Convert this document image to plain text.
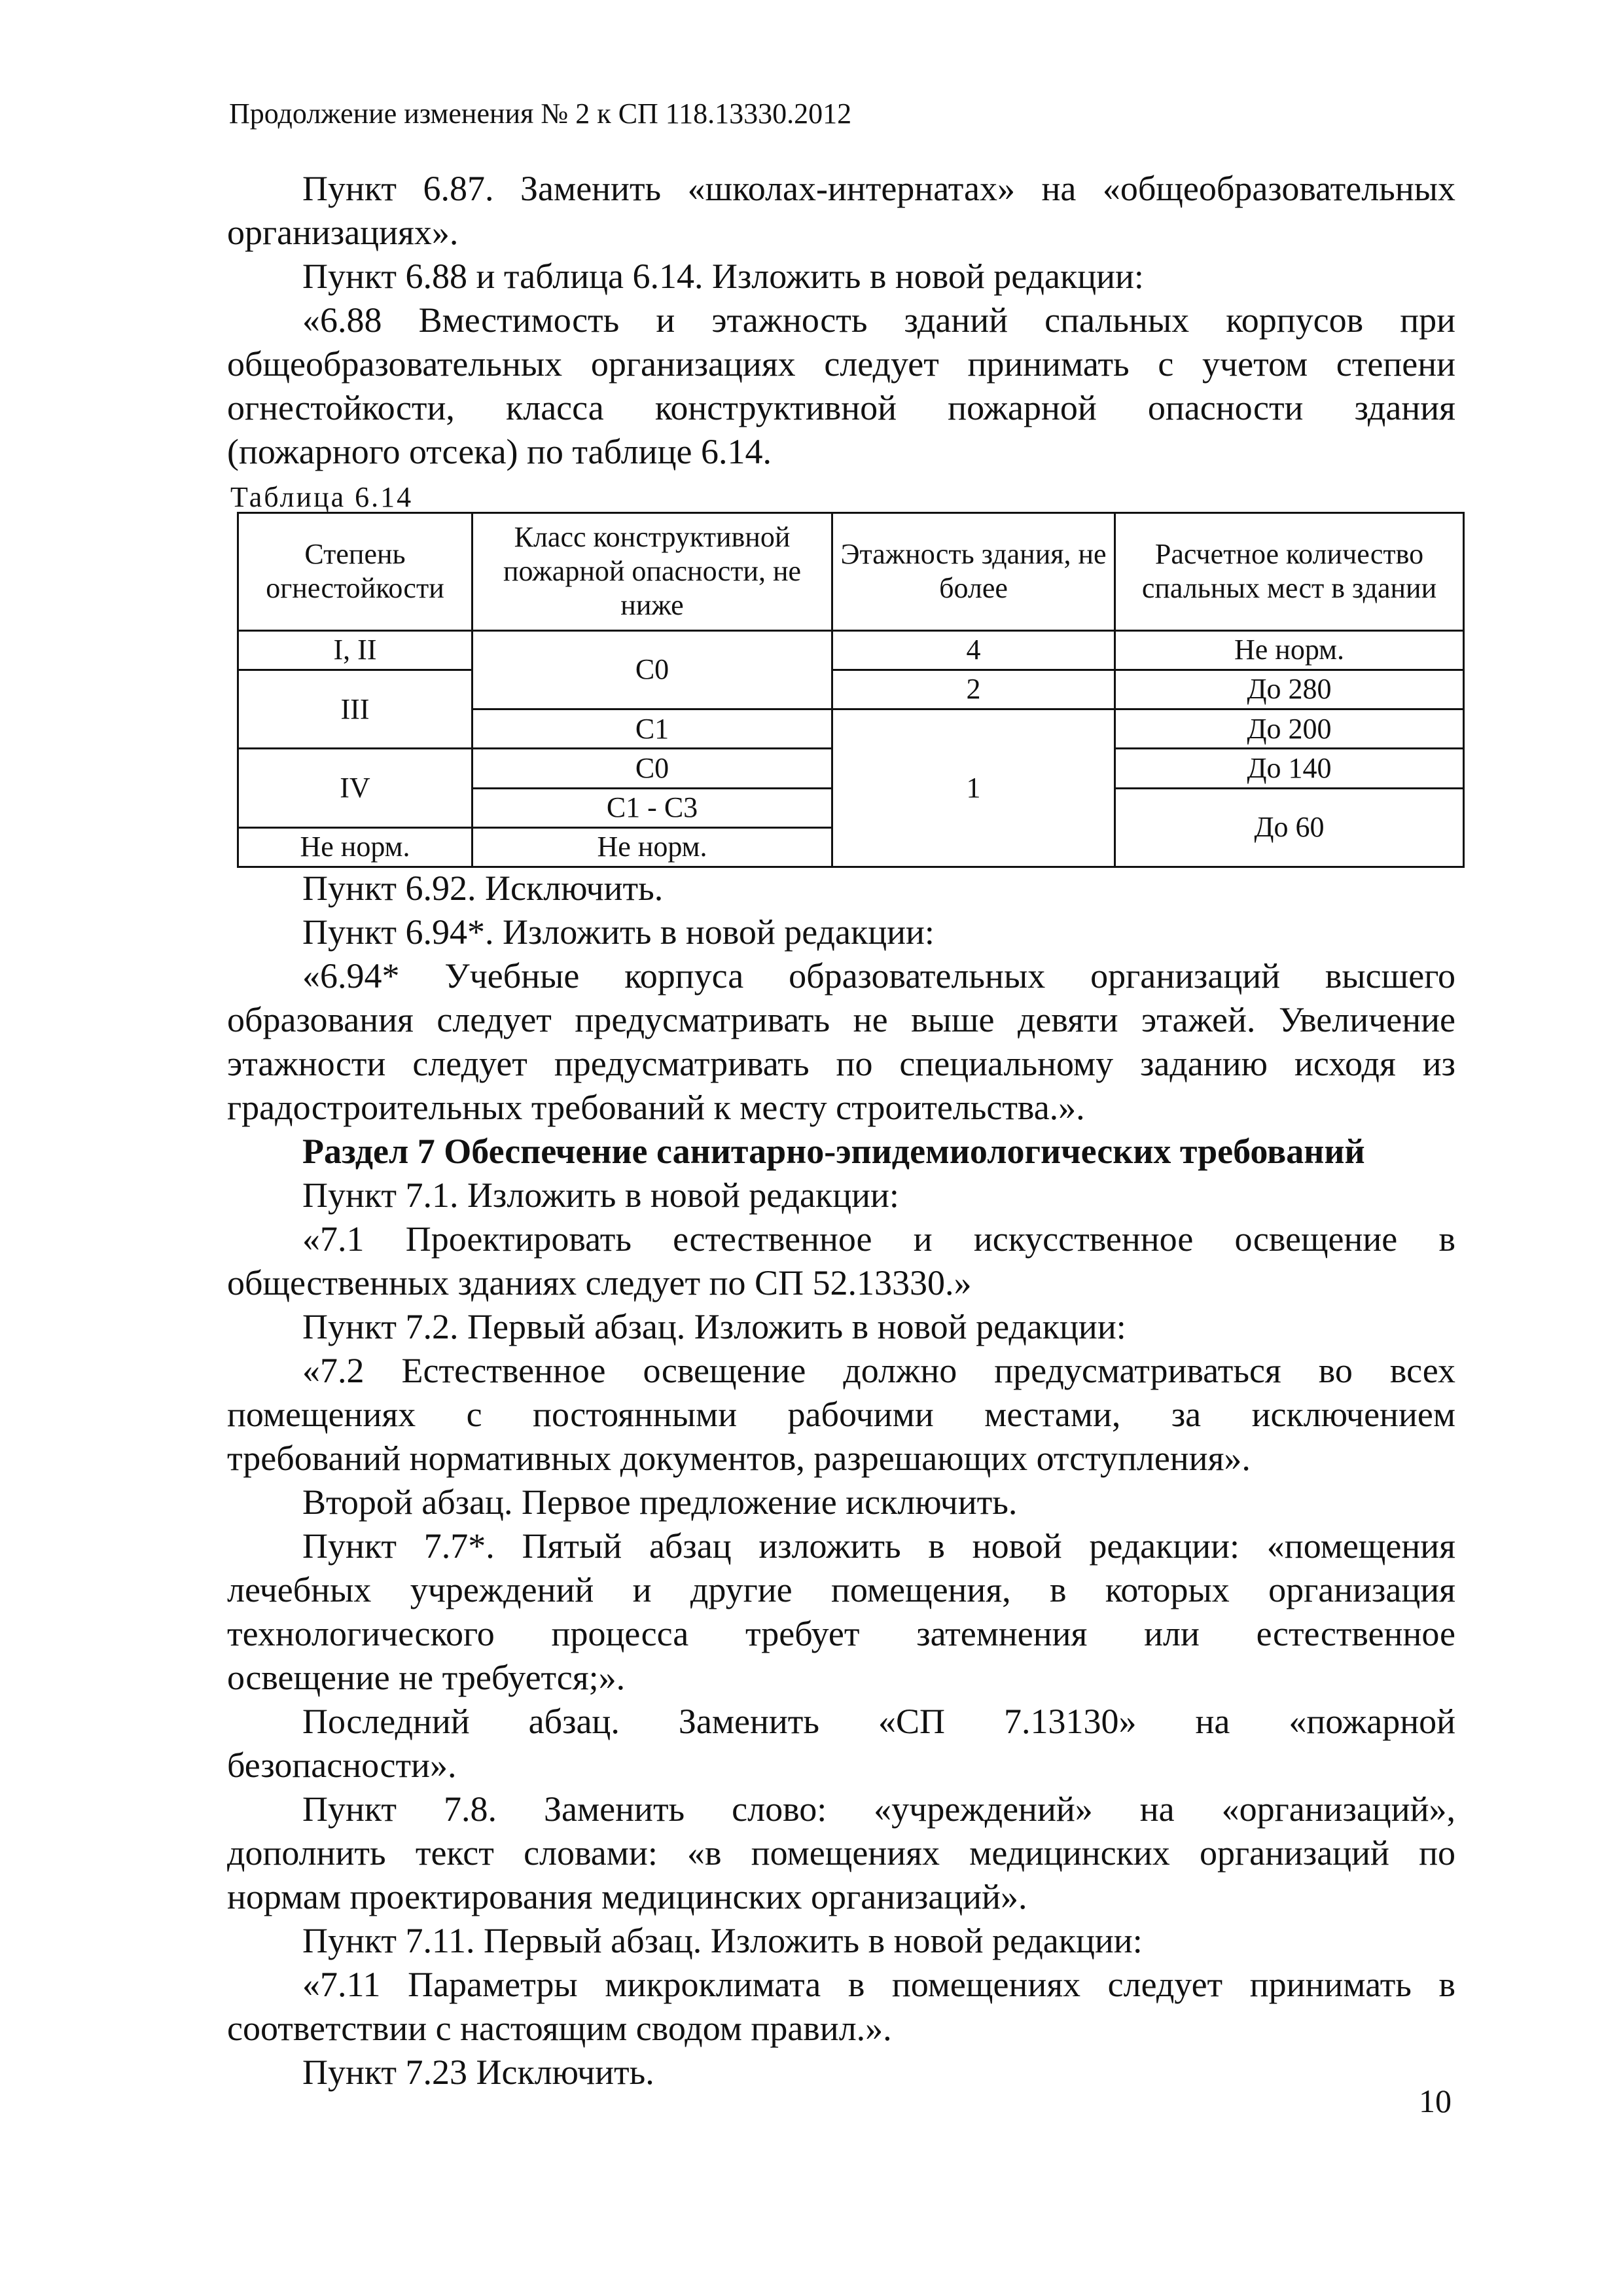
Продолжение изменения № 2 к СП 118.13330.2012

Пункт 6.87. Заменить «школах-интернатах» на «общеобразовательных

организациях».

Пункт 6.88 и таблица 6.14. Изложить в новой редакции:

«6.88 Вместимость и этажность зданий спальных корпусов при

общеобразовательных организациях следует принимать с учетом степени

огнестойкости, класса конструктивной пожарной опасности здания

(пожарного отсека) по таблице 6.14.

Таблица 6.14
Степень огнестойкости	Класс конструктивной пожарной опасности, не ниже	Этажность здания, не более	Расчетное количество спальных мест в здании
I, II	С0	4	Не норм.
III		2	До 280
	С1	1	До 200
IV	С0		До 140
	С1 - С3		До 60
Не норм.	Не норм.		

Пункт 6.92. Исключить.

Пункт 6.94*. Изложить в новой редакции:

«6.94* Учебные корпуса образовательных организаций высшего

образования следует предусматривать не выше девяти этажей. Увеличение

этажности следует предусматривать по специальному заданию исходя из

градостроительных требований к месту строительства.».

Раздел 7 Обеспечение санитарно-эпидемиологических требований

Пункт 7.1. Изложить в новой редакции:

«7.1 Проектировать естественное и искусственное освещение в

общественных зданиях следует по СП 52.13330.»

Пункт 7.2. Первый абзац. Изложить в новой редакции:

«7.2 Естественное освещение должно предусматриваться во всех

помещениях с постоянными рабочими местами, за исключением

требований нормативных документов, разрешающих отступления».

Второй абзац. Первое предложение исключить.

Пункт 7.7*. Пятый абзац изложить в новой редакции: «помещения

лечебных учреждений и другие помещения, в которых организация

технологического процесса требует затемнения или естественное

освещение не требуется;».

Последний абзац. Заменить «СП 7.13130» на «пожарной

безопасности».

Пункт 7.8. Заменить слово: «учреждений» на «организаций»,

дополнить текст словами: «в помещениях медицинских организаций по

нормам проектирования медицинских организаций».

Пункт 7.11. Первый абзац. Изложить в новой редакции:

«7.11 Параметры микроклимата в помещениях следует принимать в

соответствии с настоящим сводом правил.».

Пункт 7.23 Исключить.

10
